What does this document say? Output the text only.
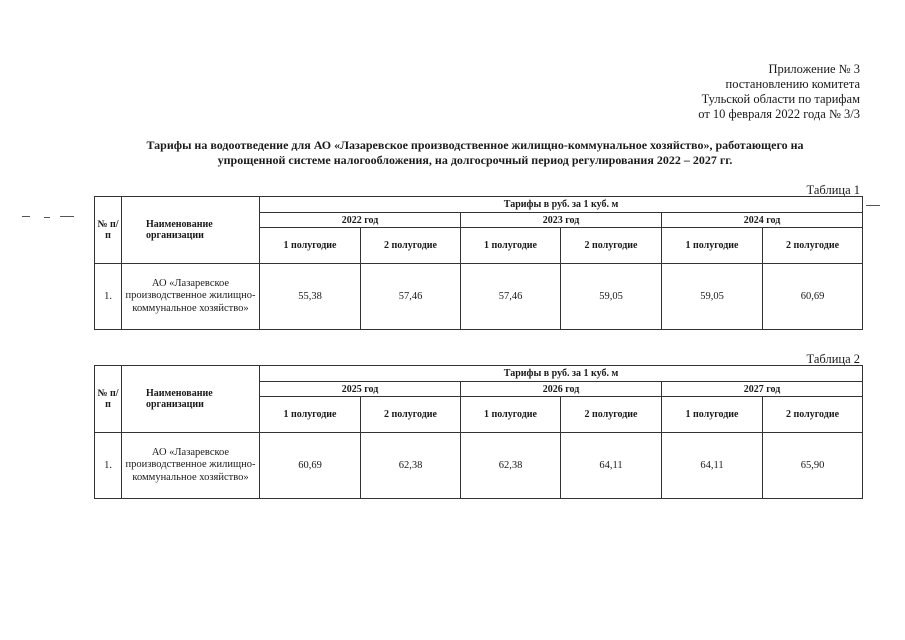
Приложение № 3
постановлению комитета
Тульской области по тарифам
от 10 февраля 2022 года № 3/3
Тарифы на водоотведение для АО «Лазаревское производственное жилищно-коммунальное хозяйство», работающего на
упрощенной системе налогообложения, на долгосрочный период регулирования 2022 – 2027 гг.
Таблица 1
№ п/п	Наименование организации	Тарифы в руб. за 1 куб. м					
		2022 год		2023 год		2024 год	
		1 полугодие	2 полугодие	1 полугодие	2 полугодие	1 полугодие	2 полугодие
1.	АО «Лазаревское производственное жилищно-коммунальное хозяйство»	55,38	57,46	57,46	59,05	59,05	60,69
Таблица 2
№ п/п	Наименование организации	Тарифы в руб. за 1 куб. м					
		2025 год		2026 год		2027 год	
		1 полугодие	2 полугодие	1 полугодие	2 полугодие	1 полугодие	2 полугодие
1.	АО «Лазаревское производственное жилищно-коммунальное хозяйство»	60,69	62,38	62,38	64,11	64,11	65,90
